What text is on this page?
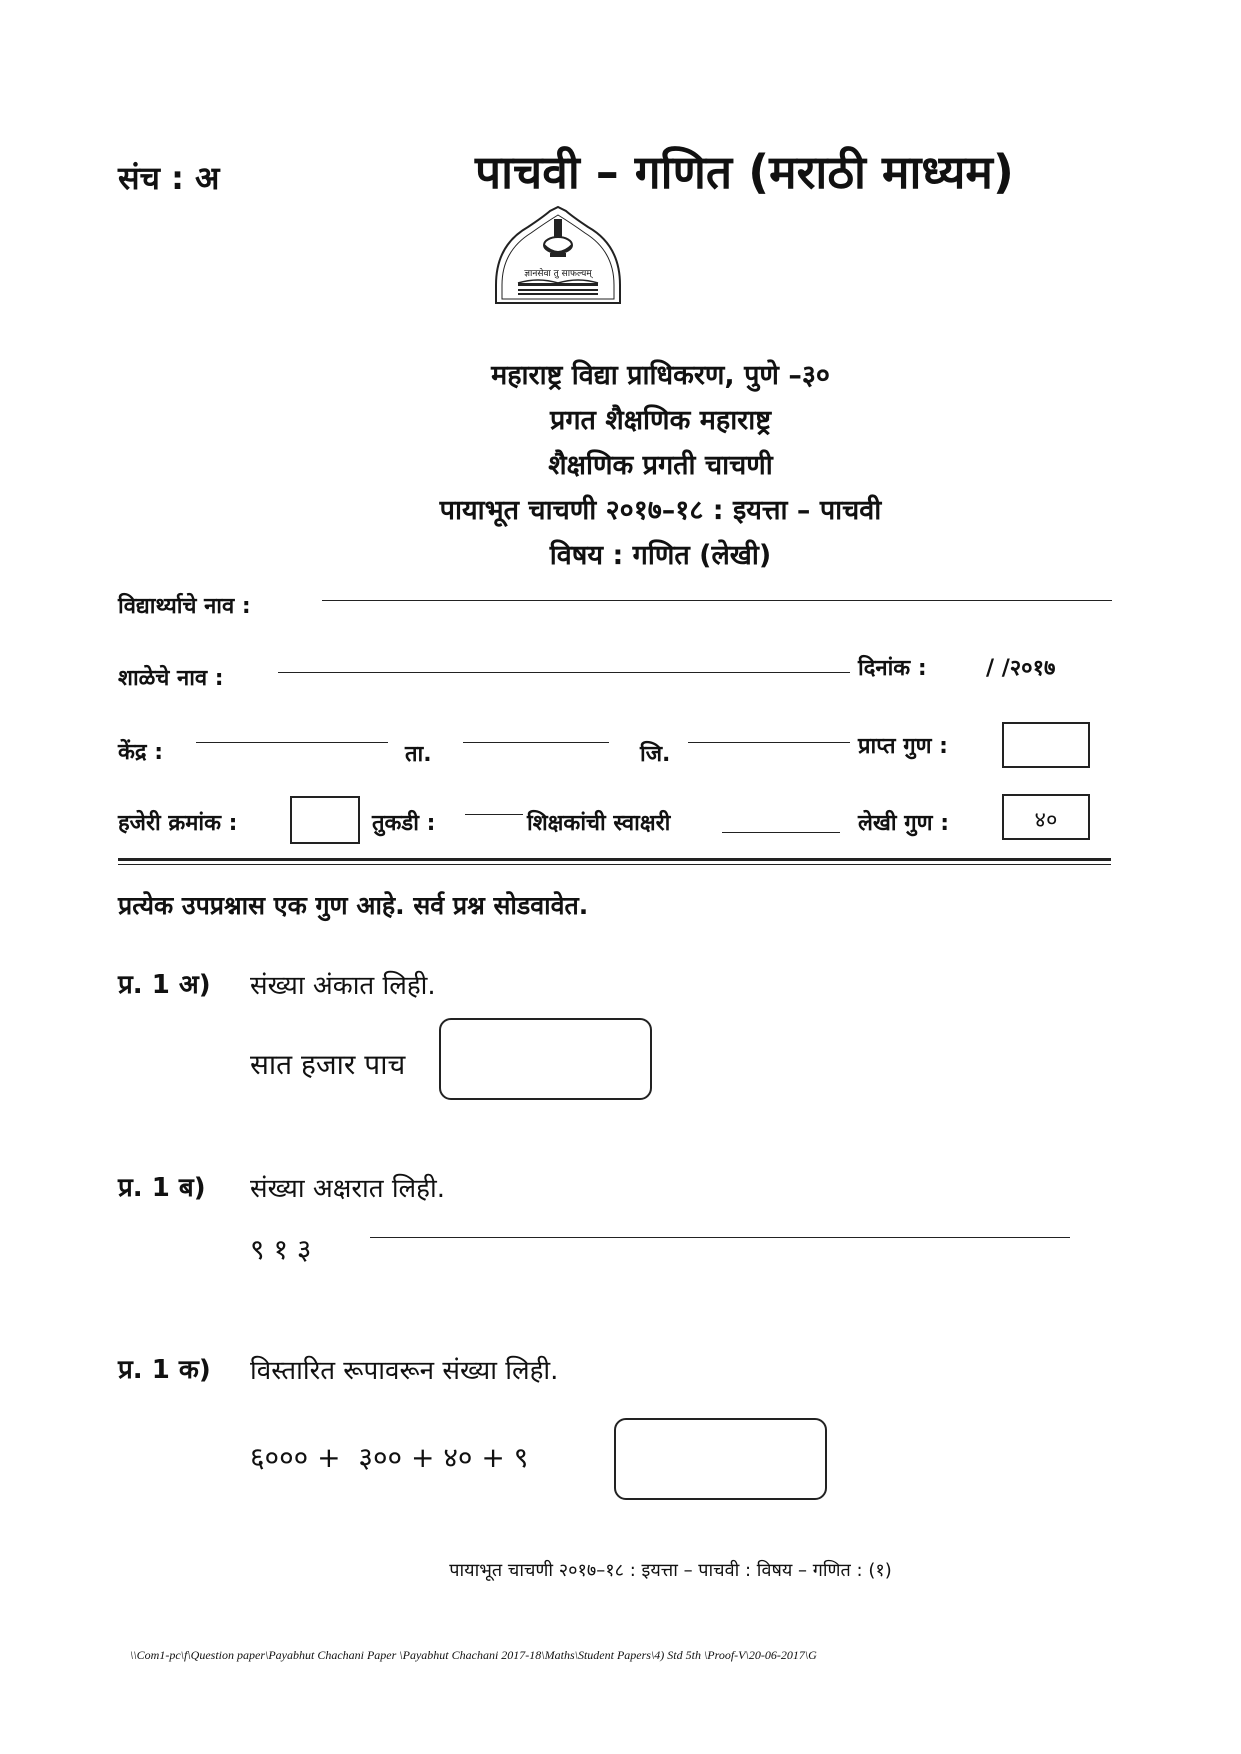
संच : अ	पाचवी – गणित (मराठी माध्यम)
ज्ञानसेवा तु साफल्यम्
महाराष्ट्र विद्या प्राधिकरण, पुणे –३०
प्रगत शैक्षणिक महाराष्ट्र
शैक्षणिक प्रगती चाचणी
पायाभूत चाचणी २०१७–१८ : इयत्ता – पाचवी
विषय : गणित (लेखी)
विद्यार्थ्याचे नाव :
शाळेचे नाव :	दिनांक :	/ /२०१७
केंद्र :	ता.	जि.	प्राप्त गुण :
हजेरी क्रमांक :	तुकडी :	शिक्षकांची स्वाक्षरी	लेखी गुण :	४०
प्रत्येक उपप्रश्नास एक गुण आहे. सर्व प्रश्न सोडवावेत.
प्र. 1 अ) संख्या अंकात लिही.
सात हजार पाच
प्र. 1 ब) संख्या अक्षरात लिही.
९ १ ३
प्र. 1 क) विस्तारित रूपावरून संख्या लिही.
६००० +  ३०० + ४० + ९
पायाभूत चाचणी २०१७–१८ : इयत्ता – पाचवी : विषय – गणित : (१)
\\Com1-pc\f\Question paper\Payabhut Chachani Paper \Payabhut Chachani 2017-18\Maths\Student Papers\4) Std 5th \Proof-V\20-06-2017\G
